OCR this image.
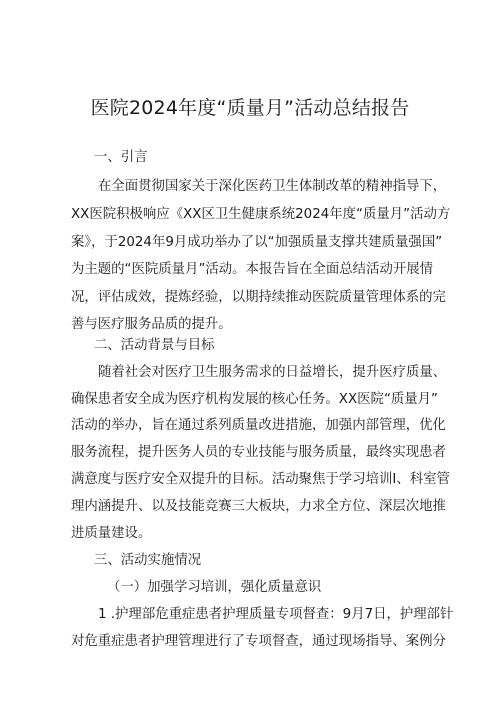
医院2024年度“质量月”活动总结报告
一、引言
在全面贯彻国家关于深化医药卫生体制改革的精神指导下，
XX医院积极响应《XX区卫生健康系统2024年度“质量月”活动方
案》，于2024年9月成功举办了以“加强质量支撑共建质量强国”
为主题的“医院质量月”活动。本报告旨在全面总结活动开展情
况，评估成效，提炼经验，以期持续推动医院质量管理体系的完
善与医疗服务品质的提升。
二、活动背景与目标
随着社会对医疗卫生服务需求的日益增长，提升医疗质量、
确保患者安全成为医疗机构发展的核心任务。XX医院“质量月”
活动的举办，旨在通过系列质量改进措施，加强内部管理，优化
服务流程，提升医务人员的专业技能与服务质量，最终实现患者
满意度与医疗安全双提升的目标。活动聚焦于学习培训I、科室管
理内涵提升、以及技能竞赛三大板块，力求全方位、深层次地推
进质量建设。
三、活动实施情况
（一）加强学习培训，强化质量意识
1 .护理部危重症患者护理质量专项督查：9月7日，护理部针
对危重症患者护理管理进行了专项督查，通过现场指导、案例分
